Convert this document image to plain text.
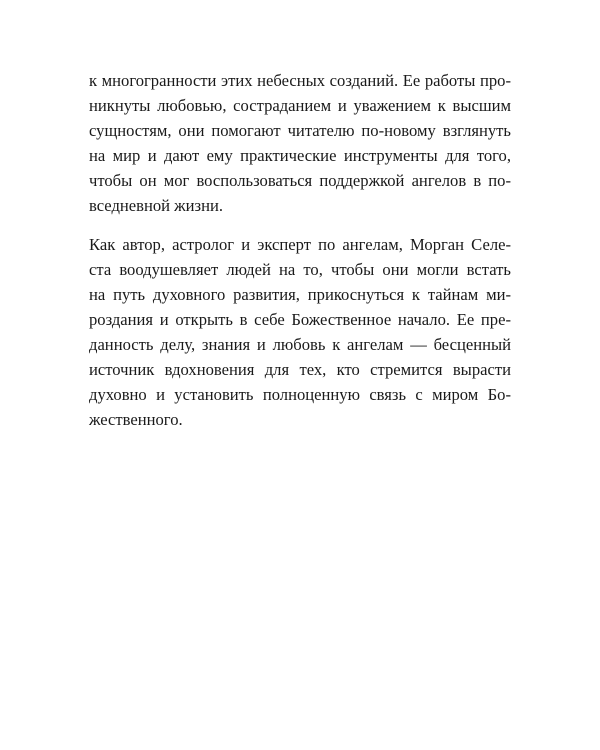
к многогранности этих небесных созданий. Ее работы про-
никнуты любовью, состраданием и уважением к высшим
сущностям, они помогают читателю по-новому взглянуть
на мир и дают ему практические инструменты для того,
чтобы он мог воспользоваться поддержкой ангелов в по-
вседневной жизни.
Как автор, астролог и эксперт по ангелам, Морган Селе-
ста воодушевляет людей на то, чтобы они могли встать
на путь духовного развития, прикоснуться к тайнам ми-
роздания и открыть в себе Божественное начало. Ее пре-
данность делу, знания и любовь к ангелам — бесценный
источник вдохновения для тех, кто стремится вырасти
духовно и установить полноценную связь с миром Бо-
жественного.
